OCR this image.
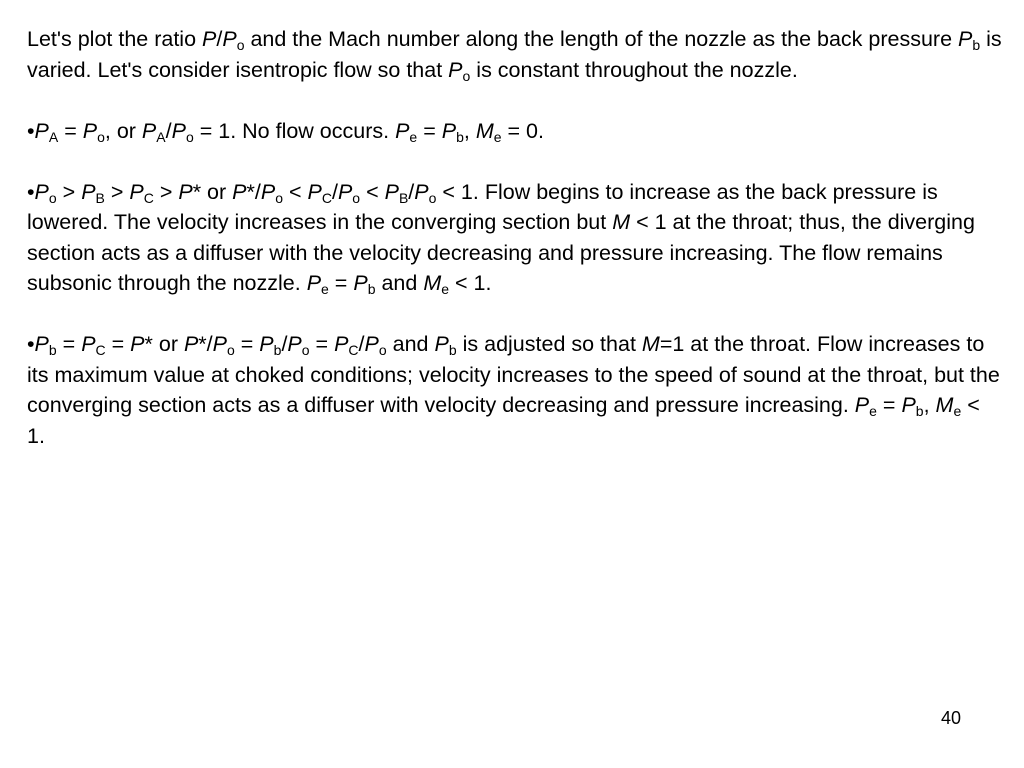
Let's plot the ratio $P/P_o$ and the Mach number along the length of the nozzle as the back pressure $P_b$ is varied. Let's consider isentropic flow so that $P_o$ is constant throughout the nozzle.

$•P_A = P_o$, or $P_A/P_o = 1$. No flow occurs. $P_e = P_b$, $M_e = 0$.

$•P_o > P_B > P_C > P*$ or $P*/P_o < P_C/P_o < P_B/P_o < 1$. Flow begins to increase as the back pressure is lowered. The velocity increases in the converging section but M < 1 at the throat; thus, the diverging section acts as a diffuser with the velocity decreasing and pressure increasing. The flow remains subsonic through the nozzle. $P_e = P_b$ and $M_e < 1$.

$•P_b = P_C = P*$ or $P*/P_o = P_b/P_o = P_C/P_o$ and $P_b$ is adjusted so that M=1 at the throat. Flow increases to its maximum value at choked conditions; velocity increases to the speed of sound at the throat, but the converging section acts as a diffuser with velocity decreasing and pressure increasing. $P_e = P_b$, $M_e < 1$.

40
